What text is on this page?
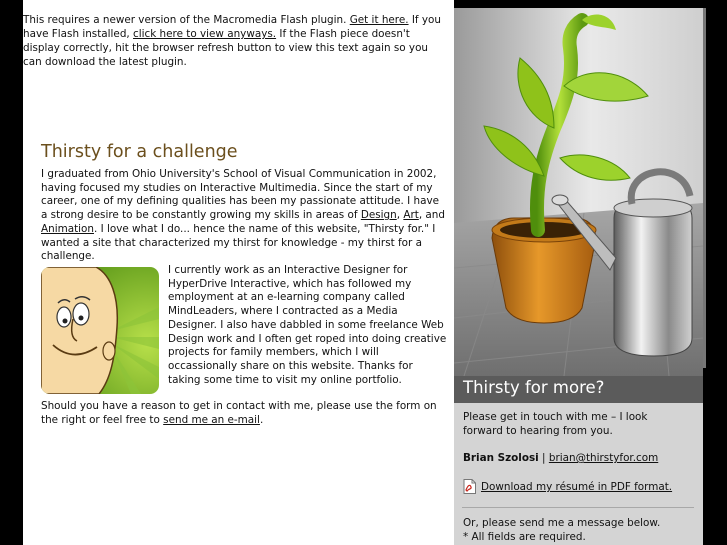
This requires a newer version of the Macromedia Flash plugin. Get it here. If you have Flash installed, click here to view anyways. If the Flash piece doesn't display correctly, hit the browser refresh button to view this text again so you can download the latest plugin.

Thirsty for a challenge

I graduated from Ohio University's School of Visual Communication in 2002, having focused my studies on Interactive Multimedia. Since the start of my career, one of my defining qualities has been my passionate attitude. I have a strong desire to be constantly growing my skills in areas of Design, Art, and Animation. I love what I do... hence the name of this website, "Thirsty for." I wanted a site that characterized my thirst for knowledge - my thirst for a challenge.

I currently work as an Interactive Designer for HyperDrive Interactive, which has followed my employment at an e-learning company called MindLeaders, where I contracted as a Media Designer. I also have dabbled in some freelance Web Design work and I often get roped into doing creative projects for family members, which I will occassionally share on this website. Thanks for taking some time to visit my online portfolio.

Should you have a reason to get in contact with me, please use the form on the right or feel free to send me an e-mail.

Thirsty for more?

Please get in touch with me – I look forward to hearing from you.

Brian Szolosi | brian@thirstyfor.com

Download my résumé in PDF format.

Or, please send me a message below.

* All fields are required.
